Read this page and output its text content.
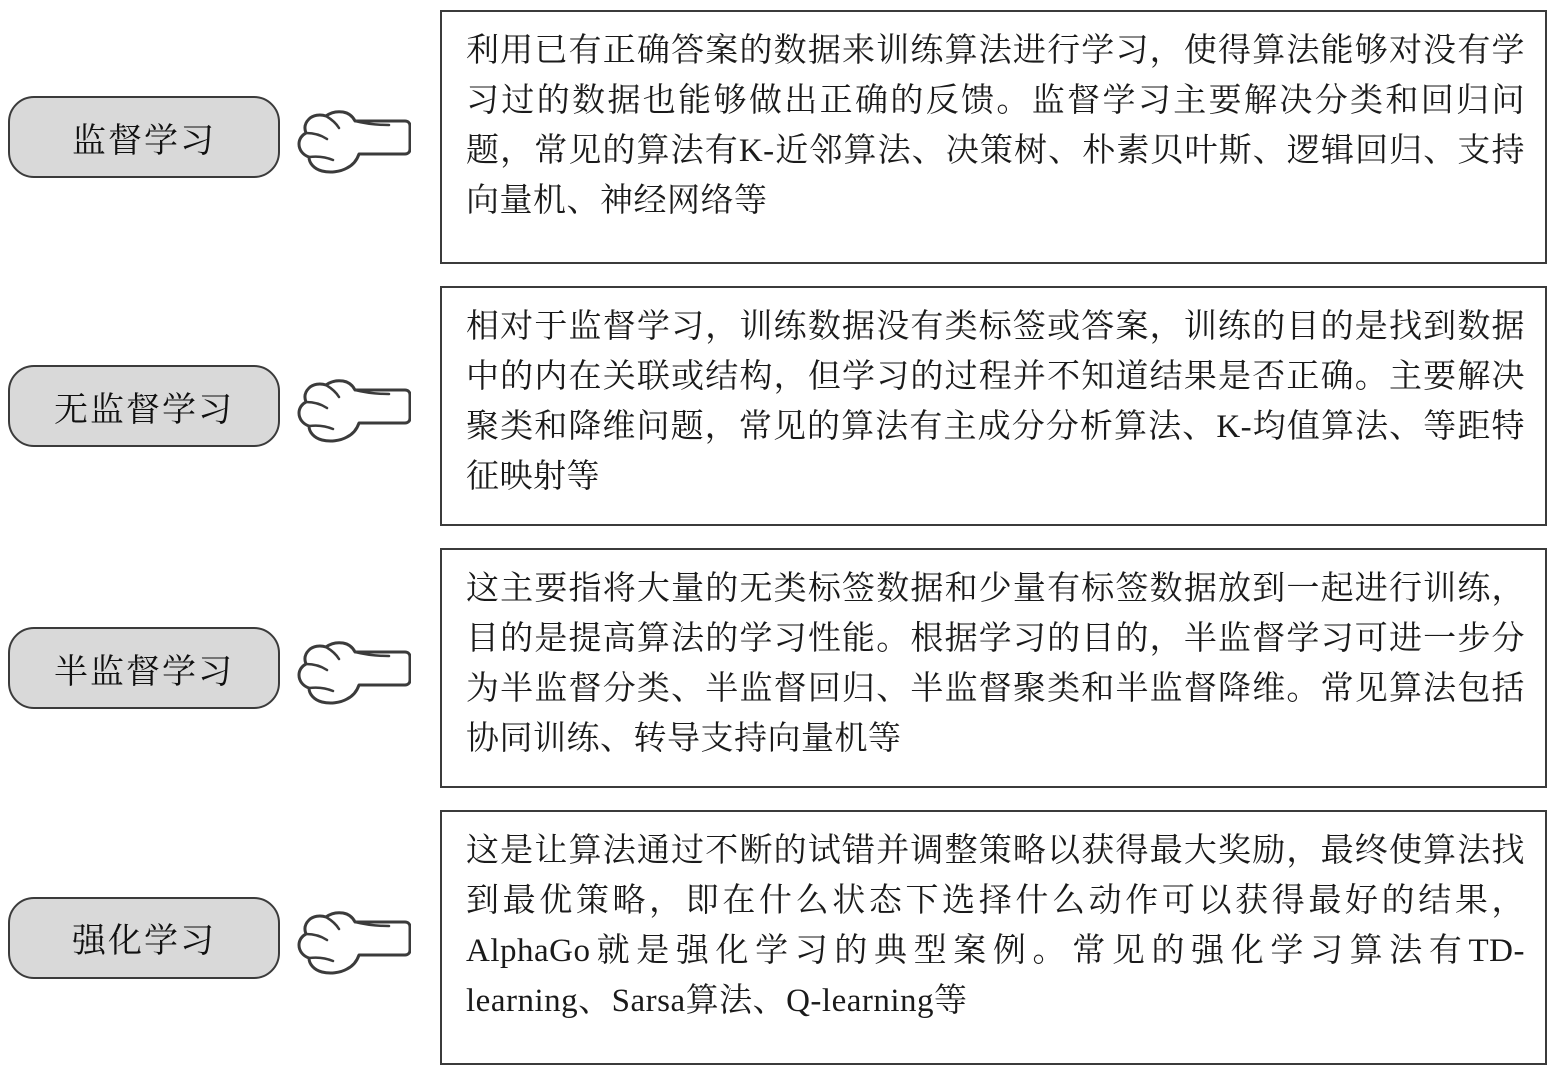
监督学习
利用已有正确答案的数据来训练算法进行学习，使得算法能够对没有学习过的数据也能够做出正确的反馈。监督学习主要解决分类和回归问题，常见的算法有K-近邻算法、决策树、朴素贝叶斯、逻辑回归、支持向量机、神经网络等
无监督学习
相对于监督学习，训练数据没有类标签或答案，训练的目的是找到数据中的内在关联或结构，但学习的过程并不知道结果是否正确。主要解决聚类和降维问题，常见的算法有主成分分析算法、K-均值算法、等距特征映射等
半监督学习
这主要指将大量的无类标签数据和少量有标签数据放到一起进行训练，目的是提高算法的学习性能。根据学习的目的，半监督学习可进一步分为半监督分类、半监督回归、半监督聚类和半监督降维。常见算法包括协同训练、转导支持向量机等
强化学习
这是让算法通过不断的试错并调整策略以获得最大奖励，最终使算法找到最优策略，即在什么状态下选择什么动作可以获得最好的结果，AlphaGo就是强化学习的典型案例。常见的强化学习算法有TD-learning、Sarsa算法、Q-learning等
